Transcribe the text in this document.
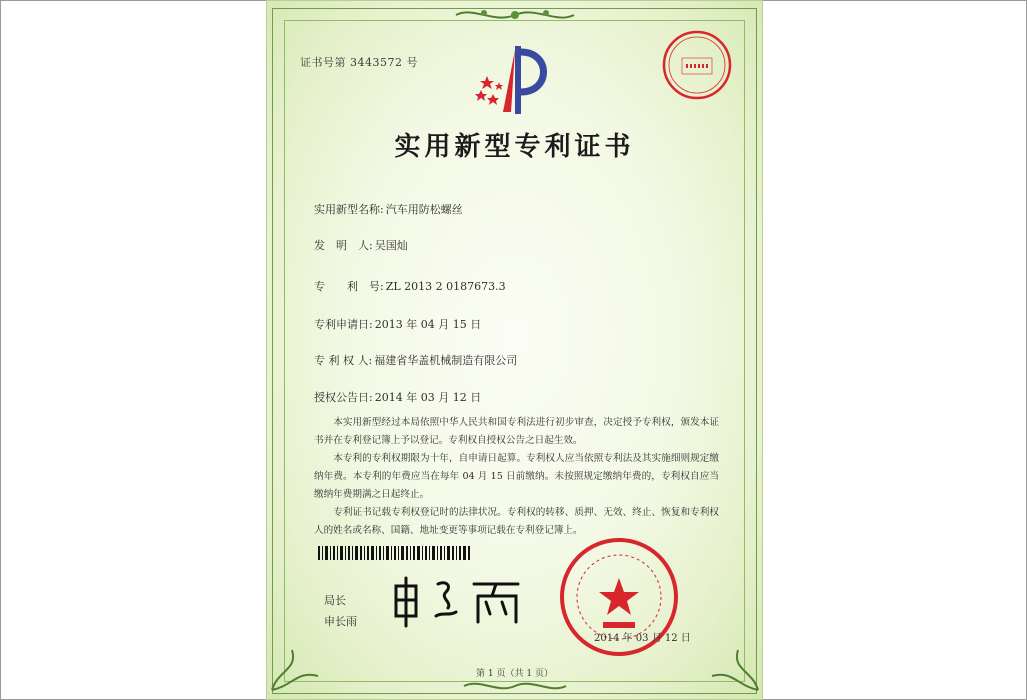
证书号第 3443572 号
实用新型专利证书
实用新型名称: 汽车用防松螺丝
发　明　人: 吴国灿
专　　利　号: ZL 2013 2 0187673.3
专利申请日: 2013 年 04 月 15 日
专 利 权 人: 福建省华盖机械制造有限公司
授权公告日: 2014 年 03 月 12 日

本实用新型经过本局依照中华人民共和国专利法进行初步审查，决定授予专利权，颁发本证书并在专利登记簿上予以登记。专利权自授权公告之日起生效。

本专利的专利权期限为十年，自申请日起算。专利权人应当依照专利法及其实施细则规定缴纳年费。本专利的年费应当在每年 04 月 15 日前缴纳。未按照规定缴纳年费的，专利权自应当缴纳年费期满之日起终止。

专利证书记载专利权登记时的法律状况。专利权的转移、质押、无效、终止、恢复和专利权人的姓名或名称、国籍、地址变更等事项记载在专利登记簿上。

局长
申长雨
2014 年 03 月 12 日
第 1 页（共 1 页）
